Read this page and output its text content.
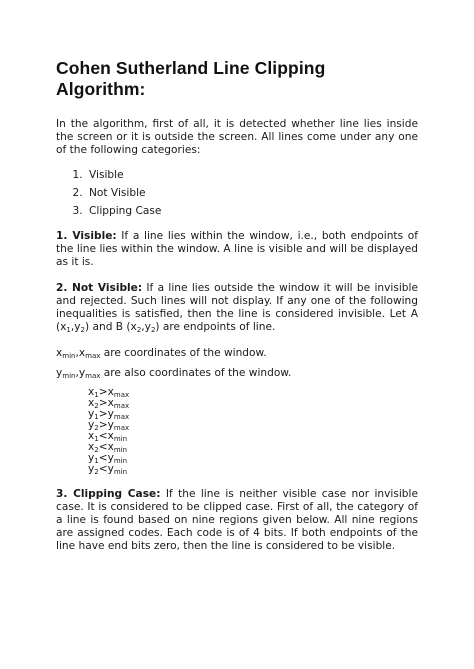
Cohen Sutherland Line Clipping Algorithm:

In the algorithm, first of all, it is detected whether line lies inside the screen or it is outside the screen. All lines come under any one of the following categories:

1. Visible
2. Not Visible
3. Clipping Case

1. Visible: If a line lies within the window, i.e., both endpoints of the line lies within the window. A line is visible and will be displayed as it is.

2. Not Visible: If a line lies outside the window it will be invisible and rejected. Such lines will not display. If any one of the following inequalities is satisfied, then the line is considered invisible. Let A $(x_1,y_2)$ and B $(x_2,y_2)$ are endpoints of line.

$x_{min},x_{max}$ are coordinates of the window.
$y_{min},y_{max}$ are also coordinates of the window.
$x_1>x_{max}$
$x_2>x_{max}$
$y_1>y_{max}$
$y_2>y_{max}$
$x_1<x_{min}$
$x_2<x_{min}$
$y_1<y_{min}$
$y_2<y_{min}$

3. Clipping Case: If the line is neither visible case nor invisible case. It is considered to be clipped case. First of all, the category of a line is found based on nine regions given below. All nine regions are assigned codes. Each code is of 4 bits. If both endpoints of the line have end bits zero, then the line is considered to be visible.
